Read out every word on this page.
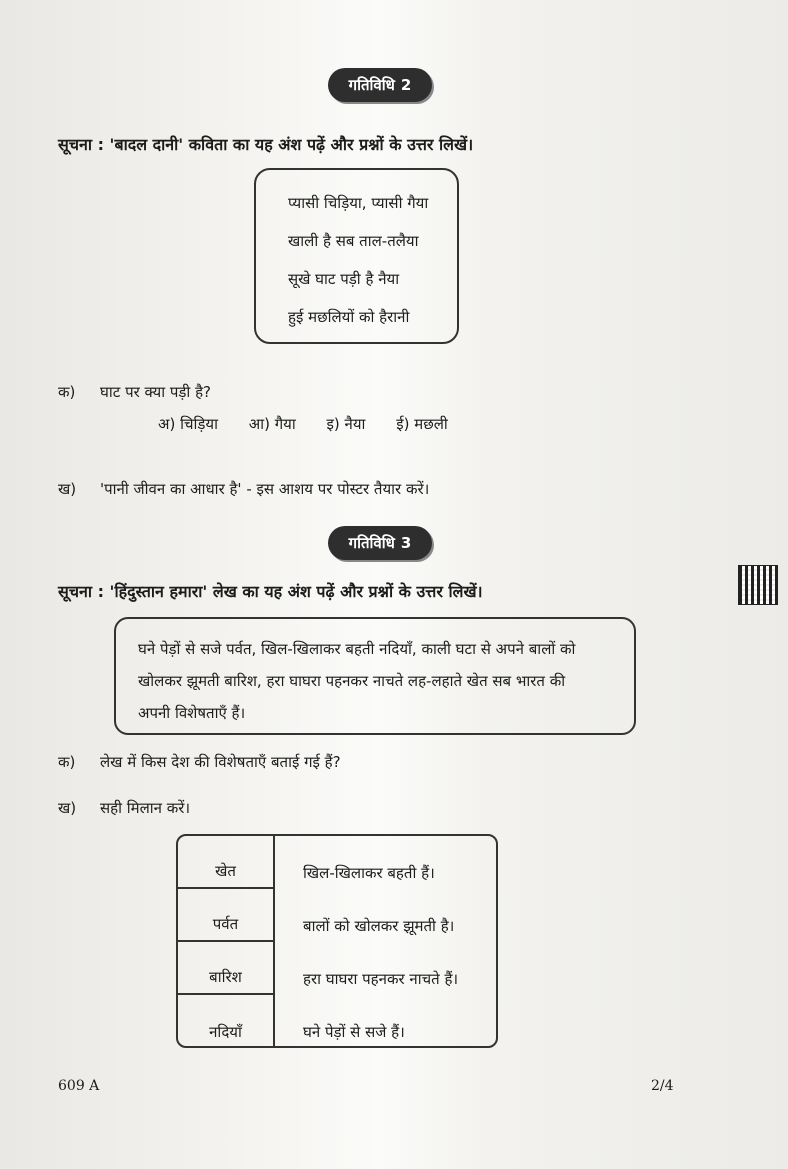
गतिविधि 2
सूचना : 'बादल दानी' कविता का यह अंश पढ़ें और प्रश्नों के उत्तर लिखें।
प्यासी चिड़िया, प्यासी गैया
खाली है सब ताल-तलैया
सूखे घाट पड़ी है नैया
हुई मछलियों को हैरानी
क) घाट पर क्या पड़ी है?
अ) चिड़िया आ) गैया इ) नैया ई) मछली
ख) 'पानी जीवन का आधार है' - इस आशय पर पोस्टर तैयार करें।
गतिविधि 3
सूचना : 'हिंदुस्तान हमारा' लेख का यह अंश पढ़ें और प्रश्नों के उत्तर लिखें।
घने पेड़ों से सजे पर्वत, खिल-खिलाकर बहती नदियाँ, काली घटा से अपने बालों को
खोलकर झूमती बारिश, हरा घाघरा पहनकर नाचते लह-लहाते खेत सब भारत की
अपनी विशेषताएँ हैं।
क) लेख में किस देश की विशेषताएँ बताई गई हैं?
ख) सही मिलान करें।
खेत
पर्वत
बारिश
नदियाँ
खिल-खिलाकर बहती हैं।
बालों को खोलकर झूमती है।
हरा घाघरा पहनकर नाचते हैं।
घने पेड़ों से सजे हैं।
609 A	2/4
